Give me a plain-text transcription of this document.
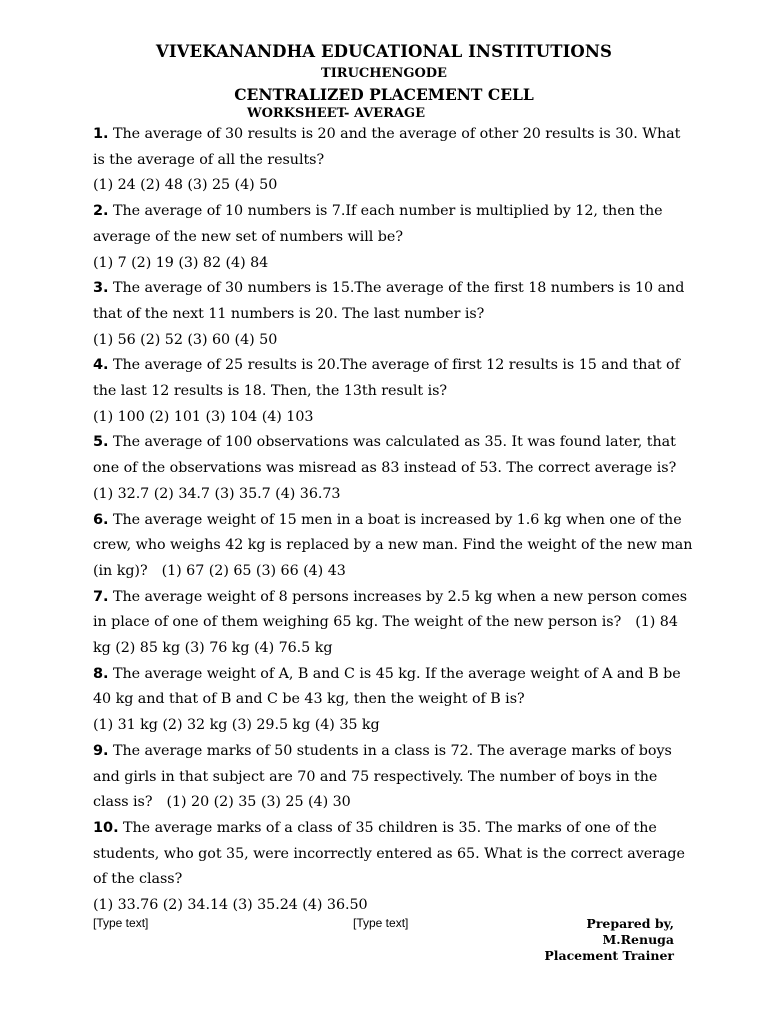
VIVEKANANDHA EDUCATIONAL INSTITUTIONS
TIRUCHENGODE
CENTRALIZED PLACEMENT CELL
WORKSHEET- AVERAGE

1. The average of 30 results is 20 and the average of other 20 results is 30. What is the average of all the results?

(1) 24 (2) 48 (3) 25 (4) 50

2. The average of 10 numbers is 7.If each number is multiplied by 12, then the average of the new set of numbers will be?

(1) 7 (2) 19 (3) 82 (4) 84

3. The average of 30 numbers is 15.The average of the first 18 numbers is 10 and that of the next 11 numbers is 20. The last number is?

(1) 56 (2) 52 (3) 60 (4) 50

4. The average of 25 results is 20.The average of first 12 results is 15 and that of the last 12 results is 18. Then, the 13th result is?

(1) 100 (2) 101 (3) 104 (4) 103

5. The average of 100 observations was calculated as 35. It was found later, that one of the observations was misread as 83 instead of 53. The correct average is?  (1) 32.7 (2) 34.7 (3) 35.7 (4) 36.73

6. The average weight of 15 men in a boat is increased by 1.6 kg when one of the crew, who weighs 42 kg is replaced by a new man. Find the weight of the new man (in kg)? (1) 67 (2) 65 (3) 66 (4) 43

7. The average weight of 8 persons increases by 2.5 kg when a new person comes in place of one of them weighing 65 kg. The weight of the new person is? (1) 84 kg (2) 85 kg (3) 76 kg (4) 76.5 kg

8. The average weight of A, B and C is 45 kg. If the average weight of A and B be 40 kg and that of B and C be 43 kg, then the weight of B is?

(1) 31 kg (2) 32 kg (3) 29.5 kg (4) 35 kg

9. The average marks of 50 students in a class is 72. The average marks of boys and girls in that subject are 70 and 75 respectively. The number of boys in the class is? (1) 20 (2) 35 (3) 25 (4) 30

10. The average marks of a class of 35 children is 35. The marks of one of the students, who got 35, were incorrectly entered as 65. What is the correct average of the class?

(1) 33.76 (2) 34.14 (3) 35.24 (4) 36.50

[Type text]	[Type text]	Prepared by,
M.Renuga
Placement Trainer
